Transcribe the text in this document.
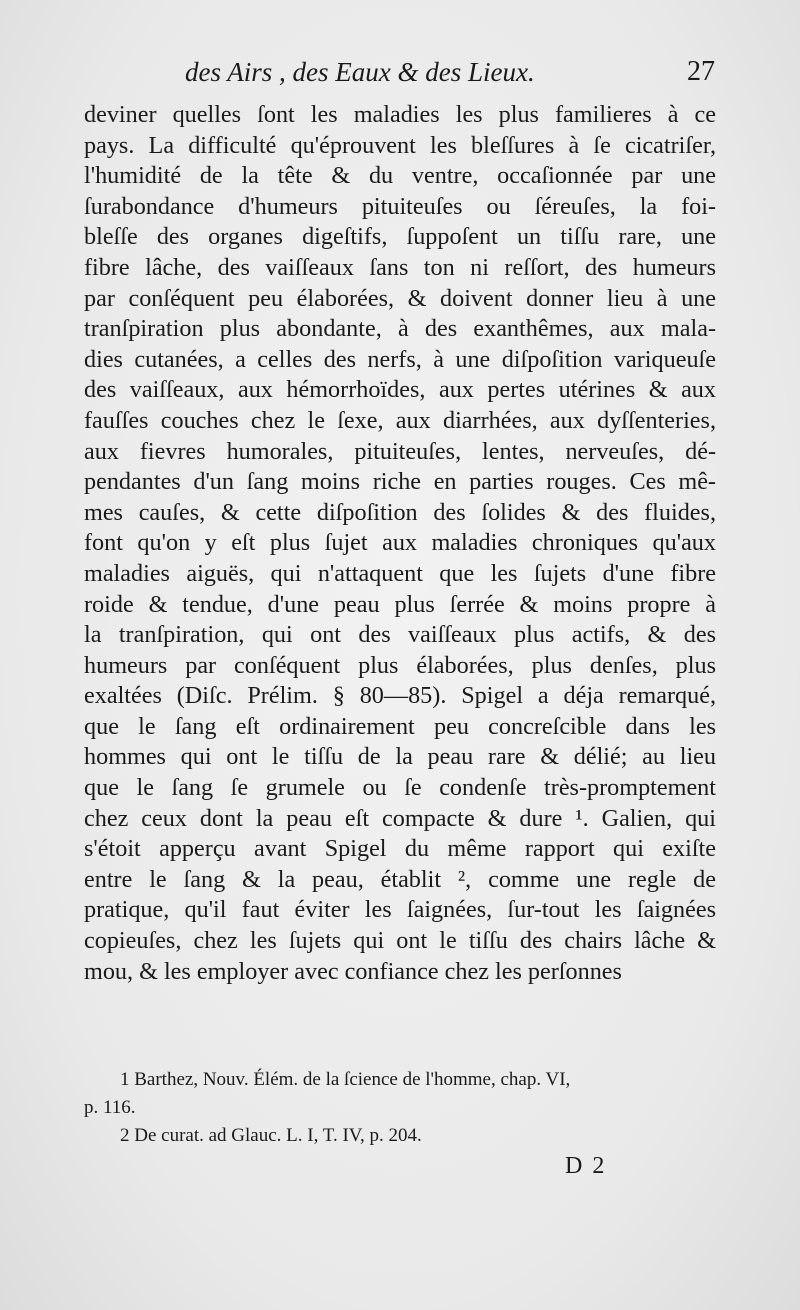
des Airs , des Eaux & des Lieux.	27
deviner quelles ſont les maladies les plus familieres à ce
pays. La difficulté qu'éprouvent les bleſſures à ſe cicatriſer,
l'humidité de la tête & du ventre, occaſionnée par une
ſurabondance d'humeurs pituiteuſes ou ſéreuſes, la foi-
bleſſe des organes digeſtifs, ſuppoſent un tiſſu rare, une
fibre lâche, des vaiſſeaux ſans ton ni reſſort, des humeurs
par conſéquent peu élaborées, & doivent donner lieu à une
tranſpiration plus abondante, à des exanthêmes, aux mala-
dies cutanées, a celles des nerfs, à une diſpoſition variqueuſe
des vaiſſeaux, aux hémorrhoïdes, aux pertes utérines & aux
fauſſes couches chez le ſexe, aux diarrhées, aux dyſſenteries,
aux fievres humorales, pituiteuſes, lentes, nerveuſes, dé-
pendantes d'un ſang moins riche en parties rouges. Ces mê-
mes cauſes, & cette diſpoſition des ſolides & des fluides,
font qu'on y eſt plus ſujet aux maladies chroniques qu'aux
maladies aiguës, qui n'attaquent que les ſujets d'une fibre
roide & tendue, d'une peau plus ſerrée & moins propre à
la tranſpiration, qui ont des vaiſſeaux plus actifs, & des
humeurs par conſéquent plus élaborées, plus denſes, plus
exaltées (Diſc. Prélim. § 80—85). Spigel a déja remarqué,
que le ſang eſt ordinairement peu concreſcible dans les
hommes qui ont le tiſſu de la peau rare & délié; au lieu
que le ſang ſe grumele ou ſe condenſe très-promptement
chez ceux dont la peau eſt compacte & dure ¹. Galien, qui
s'étoit apperçu avant Spigel du même rapport qui exiſte
entre le ſang & la peau, établit ², comme une regle de
pratique, qu'il faut éviter les ſaignées, ſur-tout les ſaignées
copieuſes, chez les ſujets qui ont le tiſſu des chairs lâche &
mou, & les employer avec confiance chez les perſonnes
1 Barthez, Nouv. Élém. de la ſcience de l'homme, chap. VI,
p. 116.
2 De curat. ad Glauc. L. I, T. IV, p. 204.
D 2
